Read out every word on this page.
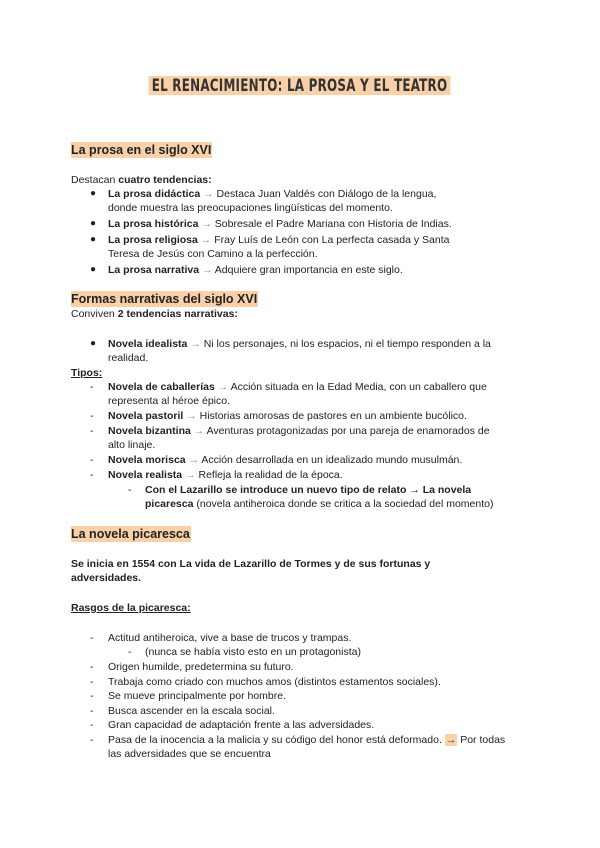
EL RENACIMIENTO: LA PROSA Y EL TEATRO
La prosa en el siglo XVI
Destacan cuatro tendencias:
● La prosa didáctica → Destaca Juan Valdés con Diálogo de la lengua,
donde muestra las preocupaciones lingüísticas del momento.
● La prosa histórica → Sobresale el Padre Mariana con Historia de Indias.
● La prosa religiosa → Fray Luís de León con La perfecta casada y Santa
Teresa de Jesús con Camino a la perfección.
● La prosa narrativa → Adquiere gran importancia en este siglo.
Formas narrativas del siglo XVI
Conviven 2 tendencias narrativas:
● Novela idealista → Ni los personajes, ni los espacios, ni el tiempo responden a la
realidad.
Tipos:
- Novela de caballerías → Acción situada en la Edad Media, con un caballero que
representa al héroe épico.
- Novela pastoril → Historias amorosas de pastores en un ambiente bucólico.
- Novela bizantina → Aventuras protagonizadas por una pareja de enamorados de
alto linaje.
- Novela morisca → Acción desarrollada en un idealizado mundo musulmán.
- Novela realista → Refleja la realidad de la época.
- Con el Lazarillo se introduce un nuevo tipo de relato → La novela
picaresca (novela antiheroica donde se critica a la sociedad del momento)
La novela picaresca
Se inicia en 1554 con La vida de Lazarillo de Tormes y de sus fortunas y
adversidades.
Rasgos de la picaresca:
- Actitud antiheroica, vive a base de trucos y trampas.
- (nunca se había visto esto en un protagonista)
- Origen humilde, predetermina su futuro.
- Trabaja como criado con muchos amos (distintos estamentos sociales).
- Se mueve principalmente por hombre.
- Busca ascender en la escala social.
- Gran capacidad de adaptación frente a las adversidades.
- Pasa de la inocencia a la malicia y su código del honor está deformado. → Por todas
las adversidades que se encuentra
